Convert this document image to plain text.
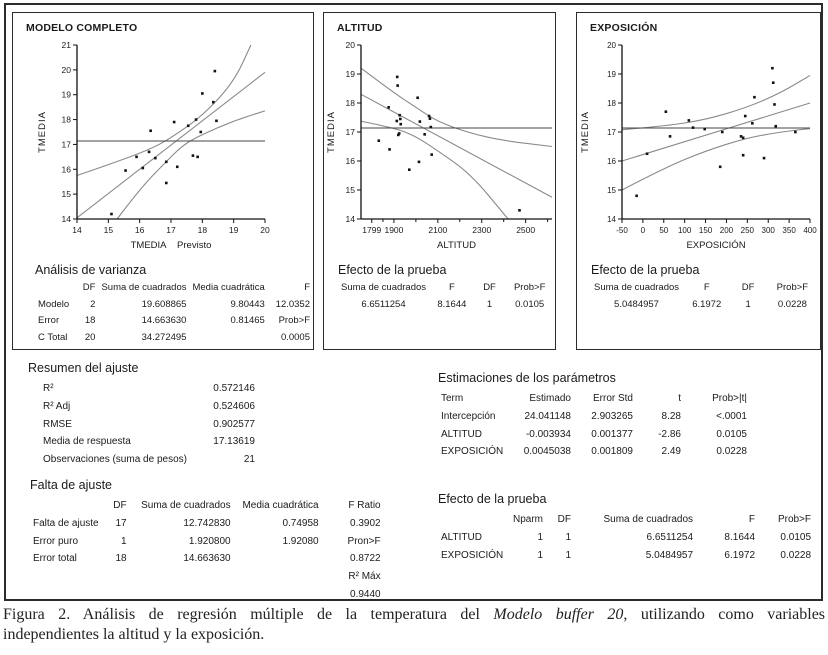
MODELO COMPLETO
14
15
16
17
18
19
20
21
14	15	16	17	18	19	20
TMEDIA
TMEDIA    Previsto
Análisis de varianza
	DF	Suma de cuadrados	Media cuadrática	F
Modelo	2	19.608865	9.80443	12.0352
Error	18	14.663630	0.81465	Prob>F
C Total	20	34.272495		0.0005
ALTITUD
14
15
16
17
18
19
20
1799 1900	2100	2300	2500
TMEDIA
ALTITUD
Efecto de la prueba
Suma de cuadrados	F	DF	Prob>F
6.6511254	8.1644	1	0.0105
EXPOSICIÓN
14
15
16
17
18
19
20
-50 0 50 100 150 200 250 300 350 400
TMEDIA
EXPOSICIÓN
Efecto de la prueba
Suma de cuadrados	F	DF	Prob>F
5.0484957	6.1972	1	0.0228
Resumen del ajuste
R²	0.572146
R² Adj	0.524606
RMSE	0.902577
Media de respuesta	17.13619
Observaciones (suma de pesos)	21
Falta de ajuste
	DF	Suma de cuadrados	Media cuadrática	F Ratio
Falta de ajuste	17	12.742830	0.74958	0.3902
Error puro	1	1.920800	1.92080	Pron>F
Error total	18	14.663630		0.8722
				R² Máx
				0.9440
Estimaciones de los parámetros
Term	Estimado	Error Std	t	Prob>|t|
Intercepción	24.041148	2.903265	8.28	<.0001
ALTITUD	-0.003934	0.001377	-2.86	0.0105
EXPOSICIÓN	0.0045038	0.001809	2.49	0.0228
Efecto de la prueba
	Nparm	DF	Suma de cuadrados	F	Prob>F
ALTITUD	1	1	6.6511254	8.1644	0.0105
EXPOSICIÓN	1	1	5.0484957	6.1972	0.0228
Figura 2. Análisis de regresión múltiple de la temperatura del Modelo buffer 20, utilizando como variables
independientes la altitud y la exposición.
